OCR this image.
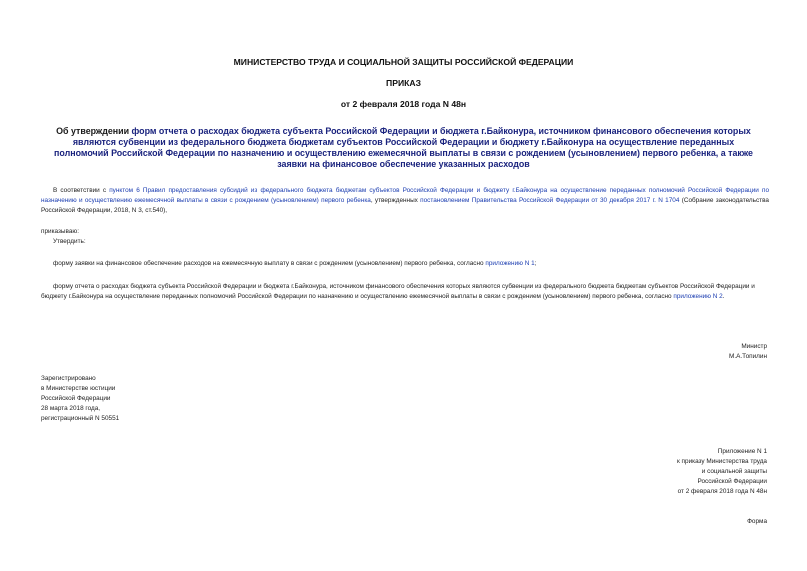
МИНИСТЕРСТВО ТРУДА И СОЦИАЛЬНОЙ ЗАЩИТЫ РОССИЙСКОЙ ФЕДЕРАЦИИ
ПРИКАЗ
от 2 февраля 2018 года N 48н
Об утверждении форм отчета о расходах бюджета субъекта Российской Федерации и бюджета г.Байконура, источником финансового обеспечения которых являются субвенции из федерального бюджета бюджетам субъектов Российской Федерации и бюджету г.Байконура на осуществление переданных полномочий Российской Федерации по назначению и осуществлению ежемесячной выплаты в связи с рождением (усыновлением) первого ребенка, а также заявки на финансовое обеспечение указанных расходов
В соответствии с пунктом 6 Правил предоставления субсидий из федерального бюджета бюджетам субъектов Российской Федерации и бюджету г.Байконура на осуществление переданных полномочий Российской Федерации по назначению и осуществлению ежемесячной выплаты в связи с рождением (усыновлением) первого ребенка, утвержденных постановлением Правительства Российской Федерации от 30 декабря 2017 г. N 1704 (Собрание законодательства Российской Федерации, 2018, N 3, ст.540),
приказываю:
Утвердить:
форму заявки на финансовое обеспечение расходов на ежемесячную выплату в связи с рождением (усыновлением) первого ребенка, согласно приложению N 1;
форму отчета о расходах бюджета субъекта Российской Федерации и бюджета г.Байконура, источником финансового обеспечения которых являются субвенции из федерального бюджета бюджетам субъектов Российской Федерации и бюджету г.Байконура на осуществление переданных полномочий Российской Федерации по назначению и осуществлению ежемесячной выплаты в связи с рождением (усыновлением) первого ребенка, согласно приложению N 2.
Министр
М.А.Топилин
Зарегистрировано
в Министерстве юстиции
Российской Федерации
28 марта 2018 года,
регистрационный N 50551
Приложение N 1
к приказу Министерства труда
и социальной защиты
Российской Федерации
от 2 февраля 2018 года N 48н
Форма
